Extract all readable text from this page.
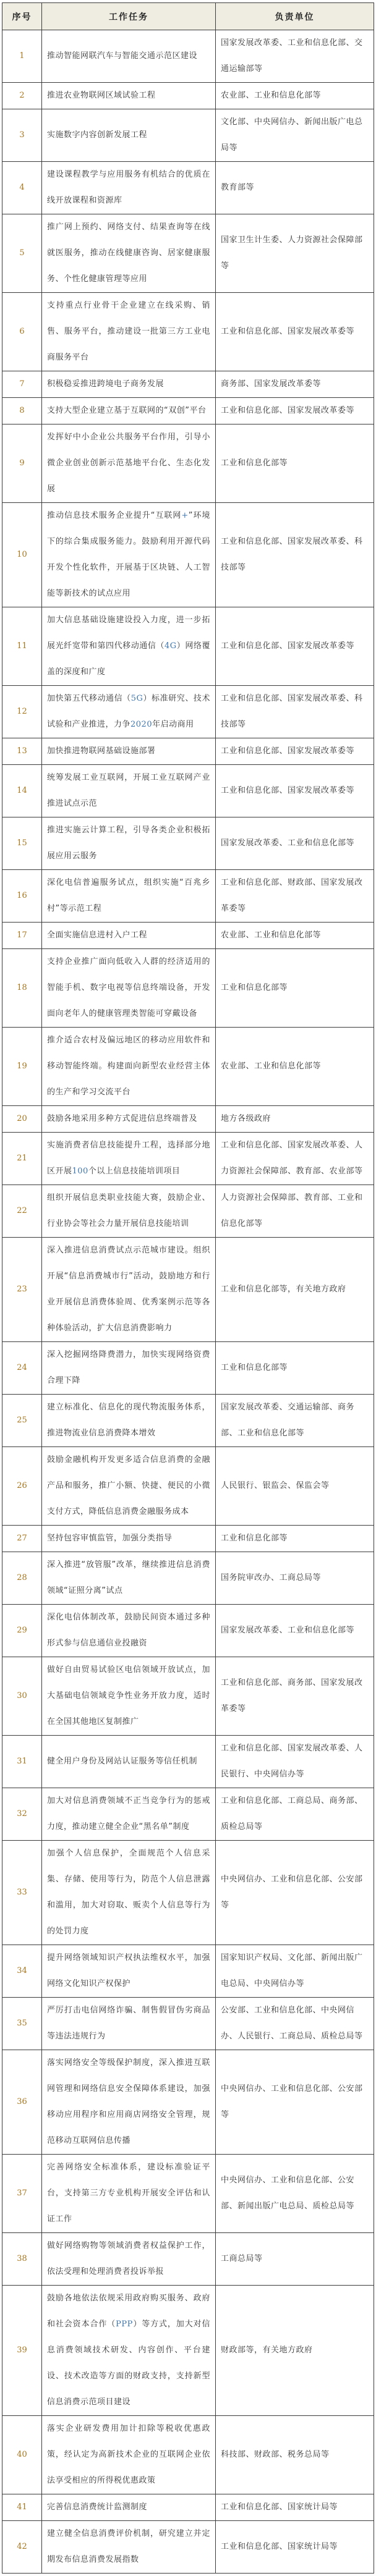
序号	工作任务	负责单位
1	推动智能网联汽车与智能交通示范区建设	国家发展改革委、工业和信息化部、交通运输部等
2	推进农业物联网区域试验工程	农业部、工业和信息化部等
3	实施数字内容创新发展工程	文化部、中央网信办、新闻出版广电总局等
4	建设课程教学与应用服务有机结合的优质在线开放课程和资源库	教育部等
5	推广网上预约、网络支付、结果查询等在线就医服务，推动在线健康咨询、居家健康服务、个性化健康管理等应用	国家卫生计生委、人力资源社会保障部等
6	支持重点行业骨干企业建立在线采购、销售、服务平台，推动建设一批第三方工业电商服务平台	工业和信息化部、国家发展改革委等
7	积极稳妥推进跨境电子商务发展	商务部、国家发展改革委等
8	支持大型企业建立基于互联网的“双创”平台	工业和信息化部、国家发展改革委等
9	发挥好中小企业公共服务平台作用，引导小微企业创业创新示范基地平台化、生态化发展	工业和信息化部等
10	推动信息技术服务企业提升“互联网+”环境下的综合集成服务能力。鼓励利用开源代码开发个性化软件，开展基于区块链、人工智能等新技术的试点应用	工业和信息化部、国家发展改革委、科技部等
11	加大信息基础设施建设投入力度，进一步拓展光纤宽带和第四代移动通信（4G）网络覆盖的深度和广度	工业和信息化部、国家发展改革委等
12	加快第五代移动通信（5G）标准研究、技术试验和产业推进，力争2020年启动商用	工业和信息化部、国家发展改革委、科技部等
13	加快推进物联网基础设施部署	工业和信息化部、国家发展改革委等
14	统筹发展工业互联网，开展工业互联网产业推进试点示范	工业和信息化部、国家发展改革委等
15	推进实施云计算工程，引导各类企业积极拓展应用云服务	国家发展改革委、工业和信息化部等
16	深化电信普遍服务试点，组织实施“百兆乡村”等示范工程	工业和信息化部、财政部、国家发展改革委等
17	全面实施信息进村入户工程	农业部、工业和信息化部等
18	支持企业推广面向低收入人群的经济适用的智能手机、数字电视等信息终端设备，开发面向老年人的健康管理类智能可穿戴设备	工业和信息化部等
19	推介适合农村及偏远地区的移动应用软件和移动智能终端。构建面向新型农业经营主体的生产和学习交流平台	农业部、工业和信息化部等
20	鼓励各地采用多种方式促进信息终端普及	地方各级政府
21	实施消费者信息技能提升工程，选择部分地区开展100个以上信息技能培训项目	工业和信息化部、国家发展改革委、人力资源社会保障部、教育部、农业部等
22	组织开展信息类职业技能大赛，鼓励企业、行业协会等社会力量开展信息技能培训	人力资源社会保障部、教育部、工业和信息化部等
23	深入推进信息消费试点示范城市建设。组织开展“信息消费城市行”活动，鼓励地方和行业开展信息消费体验周、优秀案例示范等各种体验活动，扩大信息消费影响力	工业和信息化部等，有关地方政府
24	深入挖掘网络降费潜力，加快实现网络资费合理下降	工业和信息化部等
25	建立标准化、信息化的现代物流服务体系，推进物流业信息消费降本增效	国家发展改革委、交通运输部、商务部、工业和信息化部等
26	鼓励金融机构开发更多适合信息消费的金融产品和服务，推广小额、快捷、便民的小微支付方式，降低信息消费金融服务成本	人民银行、银监会、保监会等
27	坚持包容审慎监管，加强分类指导	工业和信息化部等
28	深入推进“放管服”改革，继续推进信息消费领域“证照分离”试点	国务院审改办、工商总局等
29	深化电信体制改革，鼓励民间资本通过多种形式参与信息通信业投融资	国家发展改革委、工业和信息化部等
30	做好自由贸易试验区电信领域开放试点，加大基础电信领域竞争性业务开放力度，适时在全国其他地区复制推广	工业和信息化部、商务部、国家发展改革委等
31	健全用户身份及网站认证服务等信任机制	工业和信息化部、国家发展改革委、人民银行、中央网信办等
32	加大对信息消费领域不正当竞争行为的惩戒力度，推动建立健全企业“黑名单”制度	工业和信息化部、工商总局、商务部、质检总局等
33	加强个人信息保护，全面规范个人信息采集、存储、使用等行为，防范个人信息泄露和滥用，加大对窃取、贩卖个人信息等行为的处罚力度	中央网信办、工业和信息化部、公安部等
34	提升网络领域知识产权执法维权水平，加强网络文化知识产权保护	国家知识产权局、文化部、新闻出版广电总局、中央网信办等
35	严厉打击电信网络诈骗、制售假冒伪劣商品等违法违规行为	公安部、工业和信息化部、中央网信办、人民银行、工商总局、质检总局等
36	落实网络安全等级保护制度，深入推进互联网管理和网络信息安全保障体系建设，加强移动应用程序和应用商店网络安全管理，规范移动互联网信息传播	中央网信办、工业和信息化部、公安部等
37	完善网络安全标准体系，建设标准验证平台，支持第三方专业机构开展安全评估和认证工作	中央网信办、工业和信息化部、公安部、新闻出版广电总局、质检总局等
38	做好网络购物等领域消费者权益保护工作，依法受理和处理消费者投诉举报	工商总局等
39	鼓励各地依法依规采用政府购买服务、政府和社会资本合作（PPP）等方式，加大对信息消费领域技术研发、内容创作、平台建设、技术改造等方面的财政支持，支持新型信息消费示范项目建设	财政部等，有关地方政府
40	落实企业研发费用加计扣除等税收优惠政策，经认定为高新技术企业的互联网企业依法享受相应的所得税优惠政策	科技部、财政部、税务总局等
41	完善信息消费统计监测制度	工业和信息化部、国家统计局等
42	建立健全信息消费评价机制，研究建立并定期发布信息消费发展指数	工业和信息化部、国家统计局等
